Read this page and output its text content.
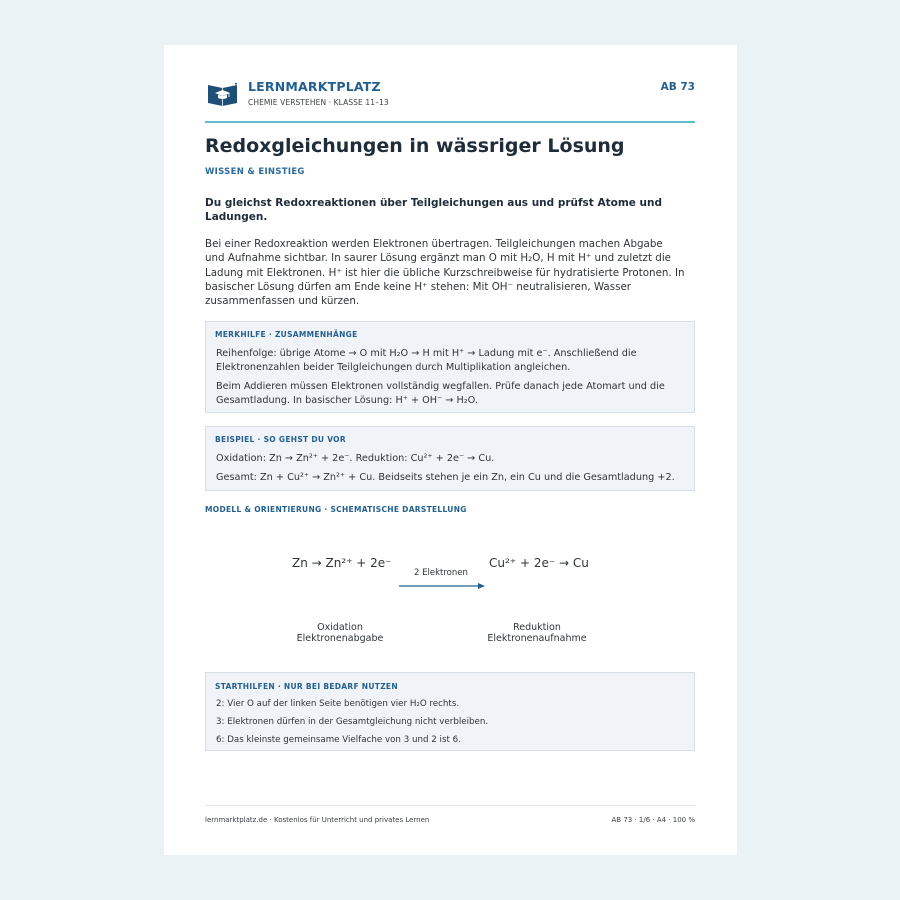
LERNMARKTPLATZ
CHEMIE VERSTEHEN · KLASSE 11–13
AB 73
Redoxgleichungen in wässriger Lösung
WISSEN & EINSTIEG
Du gleichst Redoxreaktionen über Teilgleichungen aus und prüfst Atome und Ladungen.
Bei einer Redoxreaktion werden Elektronen übertragen. Teilgleichungen machen Abgabe und Aufnahme sichtbar. In saurer Lösung ergänzt man O mit H₂O, H mit H⁺ und zuletzt die Ladung mit Elektronen. H⁺ ist hier die übliche Kurzschreibweise für hydratisierte Protonen. In basischer Lösung dürfen am Ende keine H⁺ stehen: Mit OH⁻ neutralisieren, Wasser zusammenfassen und kürzen.
MERKHILFE · ZUSAMMENHÄNGE
Reihenfolge: übrige Atome → O mit H₂O → H mit H⁺ → Ladung mit e⁻. Anschließend die Elektronenzahlen beider Teilgleichungen durch Multiplikation angleichen.
Beim Addieren müssen Elektronen vollständig wegfallen. Prüfe danach jede Atomart und die Gesamtladung. In basischer Lösung: H⁺ + OH⁻ → H₂O.
BEISPIEL · SO GEHST DU VOR
Oxidation: Zn → Zn²⁺ + 2e⁻. Reduktion: Cu²⁺ + 2e⁻ → Cu.
Gesamt: Zn + Cu²⁺ → Zn²⁺ + Cu. Beidseits stehen je ein Zn, ein Cu und die Gesamtladung +2.
MODELL & ORIENTIERUNG · SCHEMATISCHE DARSTELLUNG
Zn → Zn²⁺ + 2e⁻	Cu²⁺ + 2e⁻ → Cu
2 Elektronen
Oxidation
Elektronenabgabe
Reduktion
Elektronenaufnahme
STARTHILFEN · NUR BEI BEDARF NUTZEN
2: Vier O auf der linken Seite benötigen vier H₂O rechts.
3: Elektronen dürfen in der Gesamtgleichung nicht verbleiben.
6: Das kleinste gemeinsame Vielfache von 3 und 2 ist 6.
lernmarktplatz.de · Kostenlos für Unterricht und privates Lernen	AB 73 · 1/6 · A4 · 100 %
